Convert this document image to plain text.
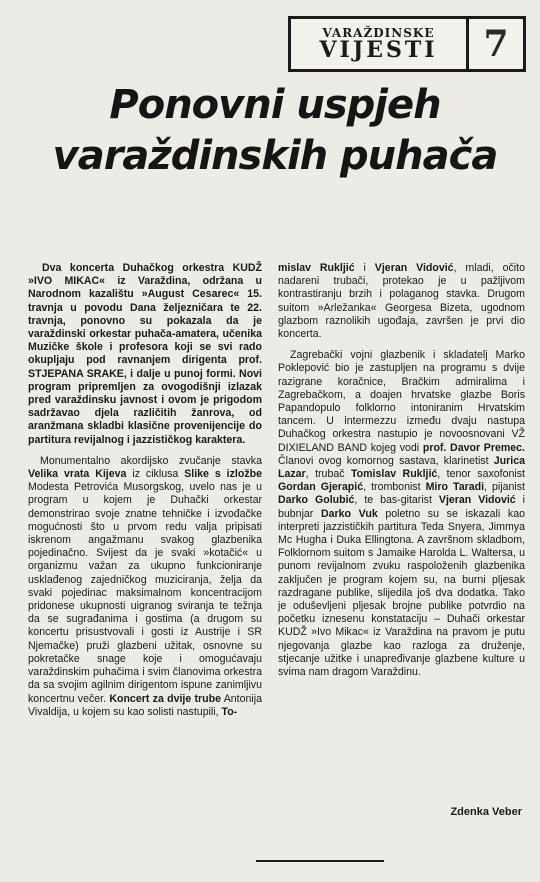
VARAŽDINSKE
VIJESTI	7
Ponovni uspjeh
varaždinskih puhača

Dva koncerta Duhačkog orkestra KUDŽ »IVO MIKAC« iz Varaždina, održana u Narodnom kazalištu »August Cesarec« 15. travnja u povodu Dana željezničara te 22. travnja, ponovno su pokazala da je varaždinski orkestar puhača-amatera, učenika Muzičke škole i profesora koji se svi rado okupljaju pod ravnanjem dirigenta prof. STJEPANA SRAKE, i dalje u punoj formi. Novi program pripremljen za ovogodišnji izlazak pred varaždinsku javnost i ovom je prigodom sadržavao djela različitih žanrova, od aranžmana skladbi klasične provenijencije do partitura revijalnog i jazzističkog karaktera.

Monumentalno akordijsko zvučanje stavka Velika vrata Kijeva iz ciklusa Slike s izložbe Modesta Petrovića Musorgskog, uvelo nas je u program u kojem je Duhački orkestar demonstrirao svoje znatne tehničke i izvođačke mogućnosti što u prvom redu valja pripisati iskrenom angažmanu svakog glazbenika pojedinačno. Svijest da je svaki »kotačić« u organizmu važan za ukupno funkcioniranje usklađenog zajedničkog muziciranja, želja da svaki pojedinac maksimalnom koncentracijom pridonese ukupnosti uigranog sviranja te težnja da se sugrađanima i gostima (a drugom su koncertu prisustvovali i gosti iz Austrije i SR Njemačke) pruži glazbeni užitak, osnovne su pokretačke snage koje i omogućavaju varaždinskim puhačima i svim članovima orkestra da sa svojim agilnim dirigentom ispune zanimljivu koncertnu večer. Koncert za dvije trube Antonija Vivaldija, u kojem su kao solisti nastupili, To-

mislav Rukljić i Vjeran Vidović, mladi, očito nadareni trubači, protekao je u pažljivom kontrastiranju brzih i polaganog stavka. Drugom suitom »Arležanka« Georgesa Bizeta, ugodnom glazbom raznolikih ugođaja, završen je prvi dio koncerta.

Zagrebački vojni glazbenik i skladatelj Marko Poklepović bio je zastupljen na programu s dvije razigrane koračnice, Bračkim admiralima i Zagrebačkom, a doajen hrvatske glazbe Boris Papandopulo folklorno intoniranim Hrvatskim tancem. U intermezzu između dvaju nastupa Duhačkog orkestra nastupio je novoosnovani VŽ DIXIELAND BAND kojeg vodi prof. Davor Premec. Članovi ovog komornog sastava, klarinetist Jurica Lazar, trubač Tomislav Rukljić, tenor saxofonist Gordan Gjerapić, trombonist Miro Taradi, pijanist Darko Golubić, te bas-gitarist Vjeran Vidović i bubnjar Darko Vuk poletno su se iskazali kao interpreti jazzističkih partitura Teda Snyera, Jimmya Mc Hugha i Duka Ellingtona. A završnom skladbom, Folklornom suitom s Jamaike Harolda L. Waltersa, u punom revijalnom zvuku raspoloženih glazbenika zaključen je program kojem su, na burni pljesak razdragane publike, slijedila još dva dodatka. Tako je oduševljeni pljesak brojne publike potvrdio na početku iznesenu konstataciju – Duhači orkestar KUDŽ »Ivo Mikac« iz Varaždina na pravom je putu njegovanja glazbe kao razloga za druženje, stjecanje užitke i unapređivanje glazbene kulture u svima nam dragom Varaždinu.

Zdenka Veber
